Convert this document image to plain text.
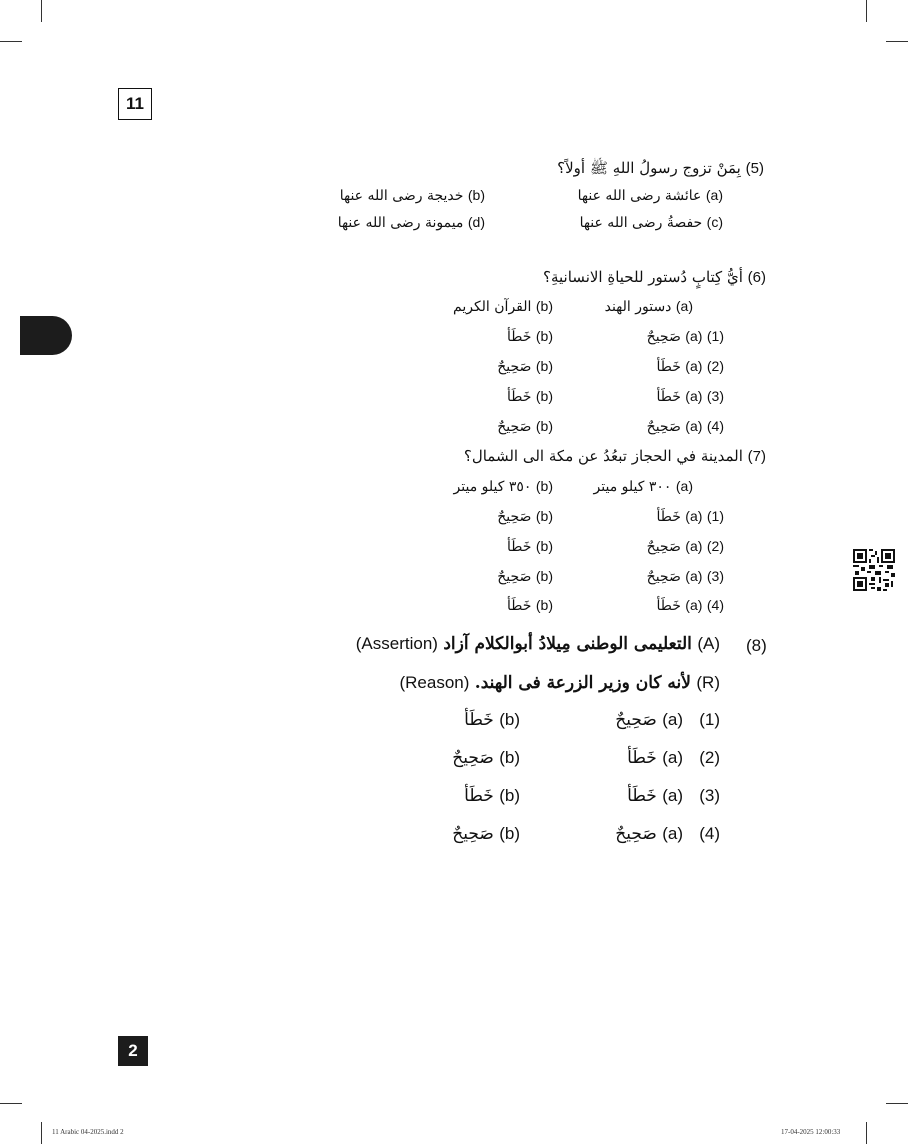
11
(5) بِمَنْ تزوج رسولُ اللهِ ﷺ أولاً؟
(a) عائشة رضى الله عنها
(b) خديجة رضى الله عنها
(c) حفصةُ رضى الله عنها
(d) ميمونة رضى الله عنها
(6) أيُّ كِتابٍ دُستور للحياةِ الانسانيةِ؟
(a) دستور الهند
(b) القرآن الكريم
(1) (a) صَحِيحٌ
(b) خَطَأ
(2) (a) خَطَأ
(b) صَحِيحٌ
(3) (a) خَطَأ
(b) خَطَأ
(4) (a) صَحِيحٌ
(b) صَحِيحٌ
(7) المدينة في الحجاز تبعُدُ عن مكة الى الشمال؟
(a) ٣٠٠ كيلو ميتر
(b) ٣٥٠ كيلو ميتر
(1) (a) خَطَأ
(b) صَحِيحٌ
(2) (a) صَحِيحٌ
(b) خَطَأ
(3) (a) صَحِيحٌ
(b) صَحِيحٌ
(4) (a) خَطَأ
(b) خَطَأ
(8)
(A) التعليمى الوطنى مِيلادُ أبوالكلام آزاد (Assertion)
(R) لأنه كان وزير الزرعة فى الهند. (Reason)
(1)   (a) صَحِيحٌ
(b) خَطَأ
(2)   (a) خَطَأ
(b) صَحِيحٌ
(3)   (a) خَطَأ
(b) خَطَأ
(4)   (a) صَحِيحٌ
(b) صَحِيحٌ
2
11 Arabic 04-2025.indd 2	17-04-2025 12:00:33
